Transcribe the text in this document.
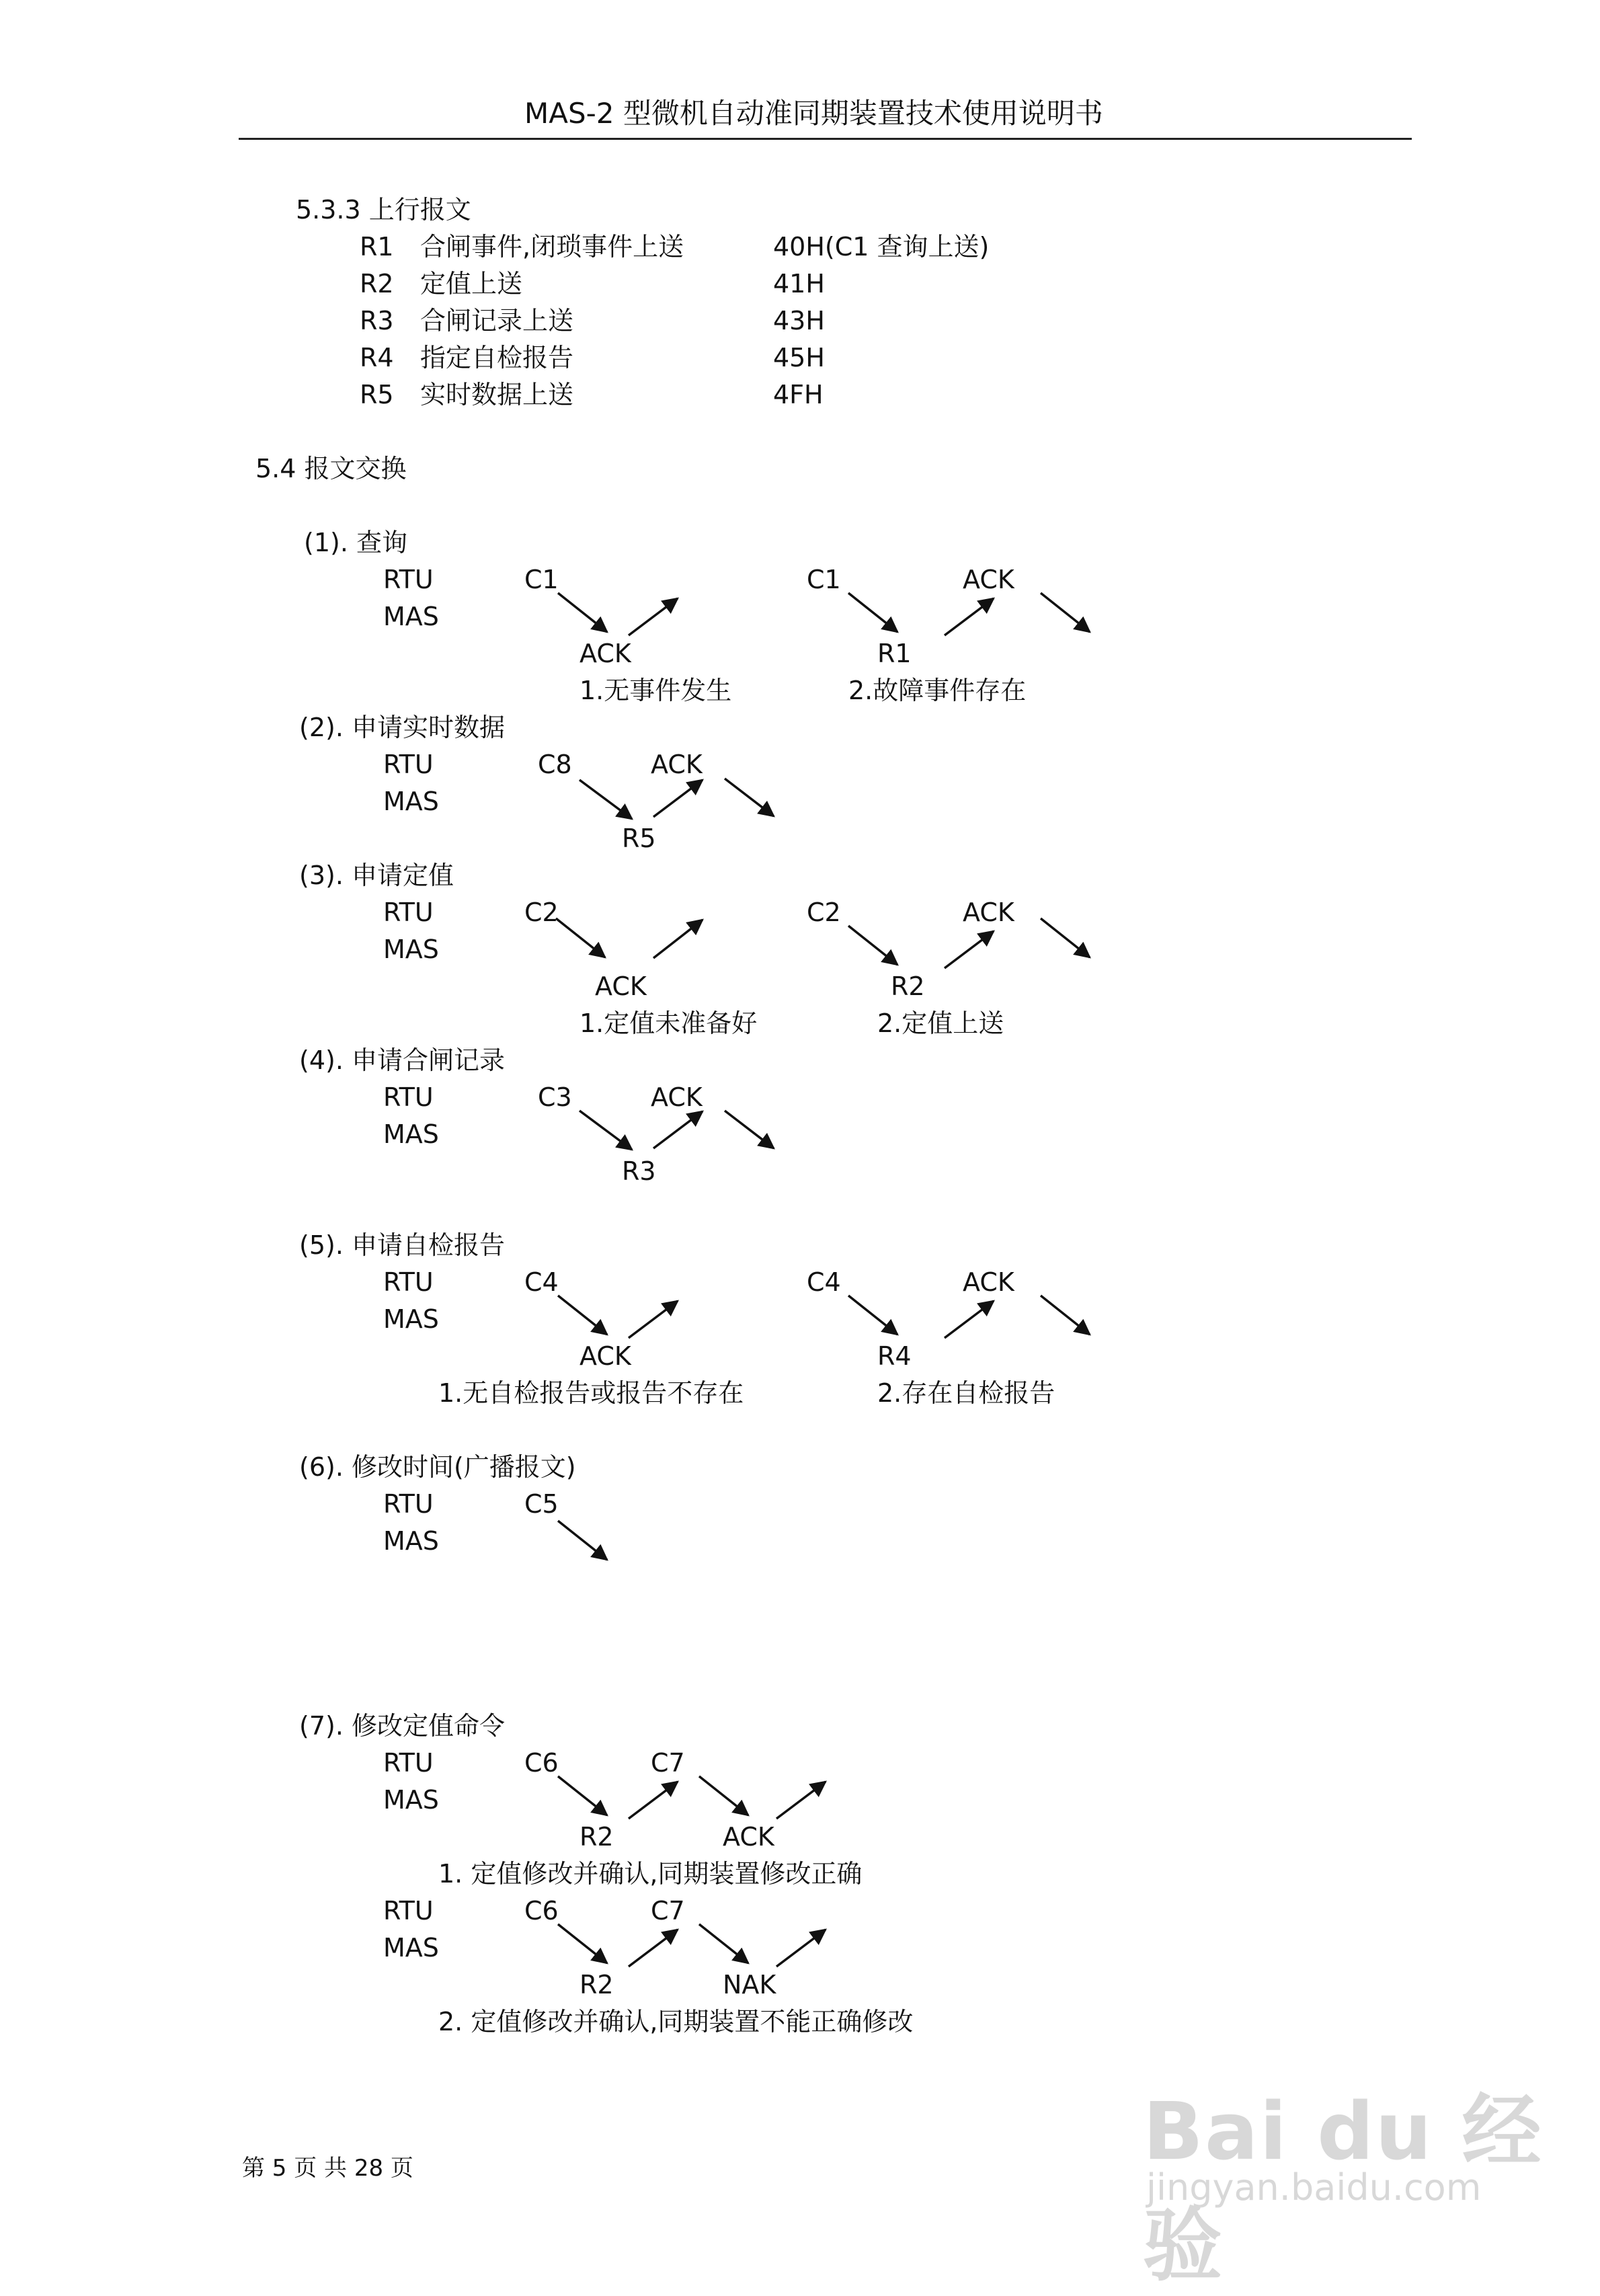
MAS-2 型微机自动准同期装置技术使用说明书
5.3.3 上行报文
R1 合闸事件,闭琐事件上送	40H(C1 查询上送)
R2 定值上送	41H
R3 合闸记录上送	43H
R4 指定自检报告	45H
R5 实时数据上送	4FH
5.4 报文交换
(1). 查询
RTU
MAS
C1
ACK
1.无事件发生
C1	ACK
R1
2.故障事件存在
(2). 申请实时数据
RTU
MAS
C8	ACK
R5
(3). 申请定值
RTU
MAS
C2
ACK
1.定值未准备好
C2	ACK
R2
2.定值上送
(4). 申请合闸记录
RTU
MAS
C3	ACK
R3
(5). 申请自检报告
RTU
MAS
C4
ACK
1.无自检报告或报告不存在
C4	ACK
R4
2.存在自检报告
(6). 修改时间(广播报文)
RTU
MAS
C5
(7). 修改定值命令
RTU
MAS
C6	C7
R2	ACK
1. 定值修改并确认,同期装置修改正确
RTU
MAS
C6	C7
R2	NAK
2. 定值修改并确认,同期装置不能正确修改
第 5 页 共 28 页	Bai du 经验
jingyan.baidu.com
